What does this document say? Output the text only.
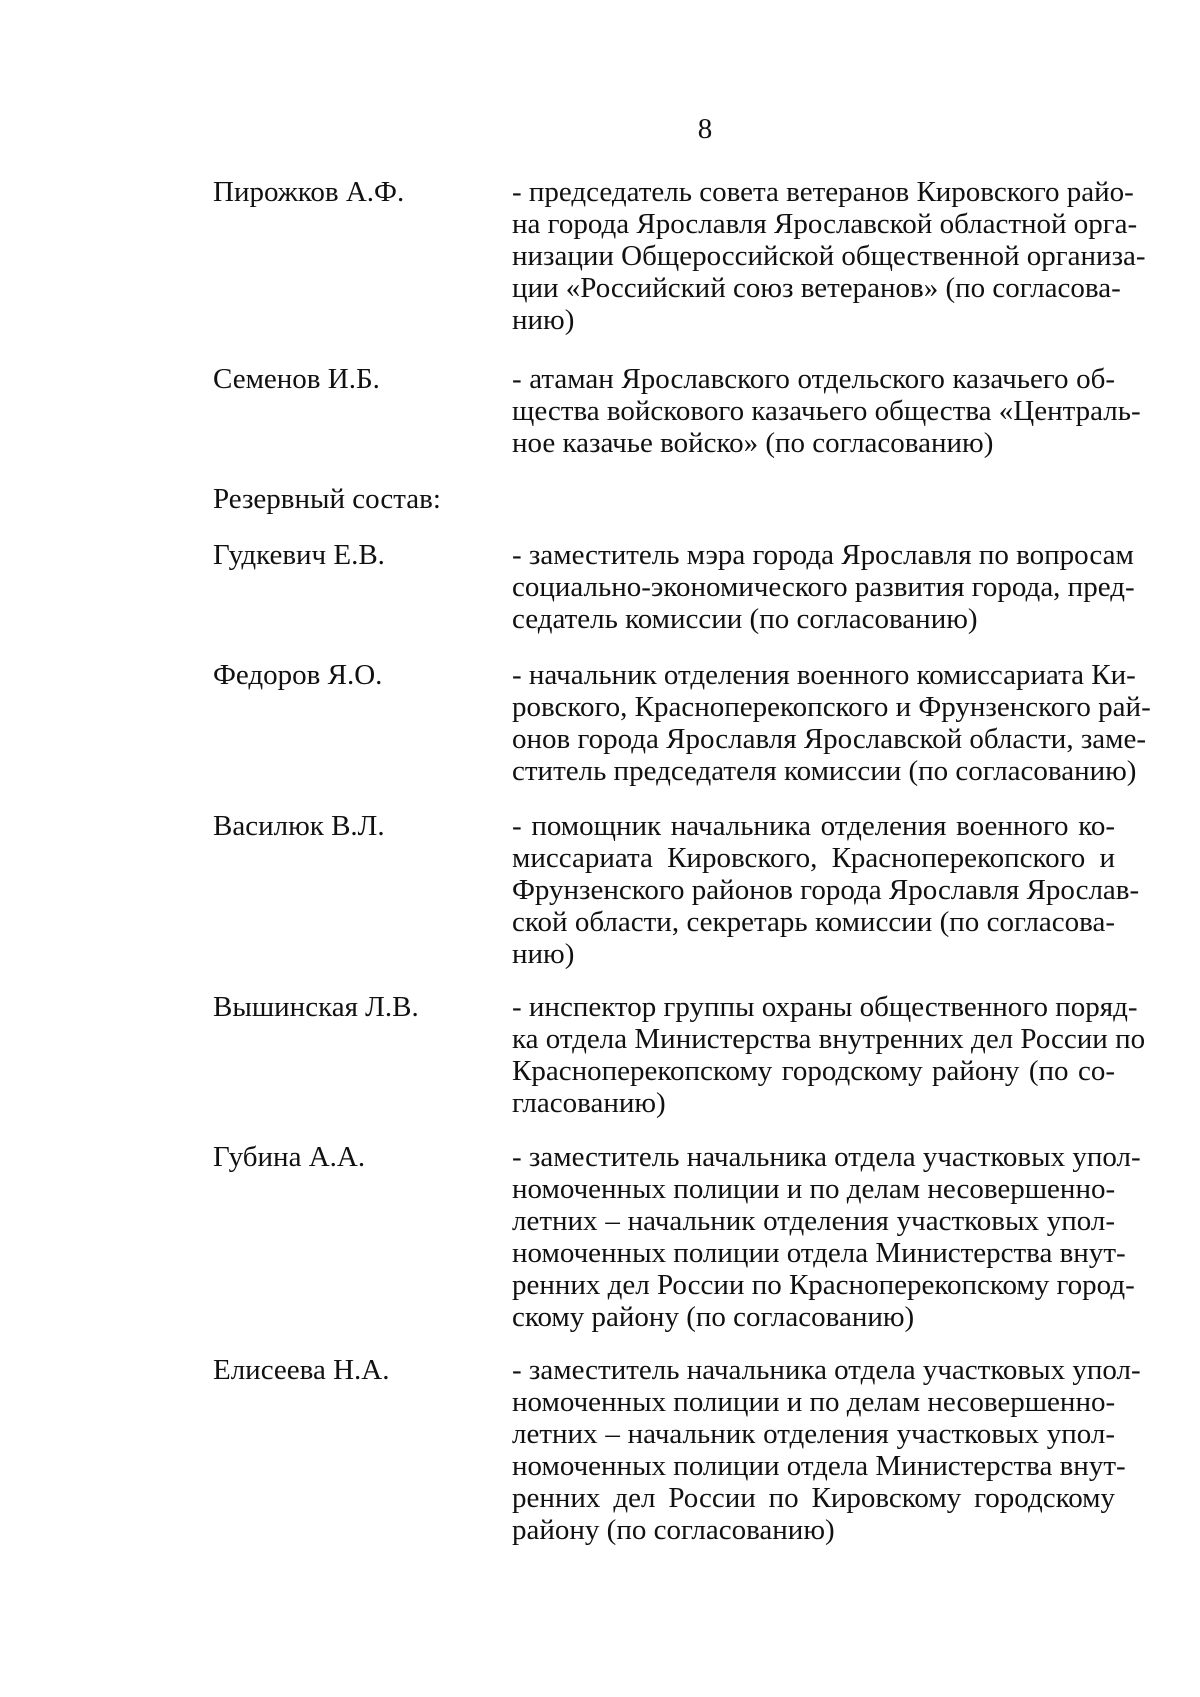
8
Пирожков А.Ф.	- председатель совета ветеранов Кировского райо-
на города Ярославля Ярославской областной орга-
низации Общероссийской общественной организа-
ции «Российский союз ветеранов» (по согласова-
нию)
Семенов И.Б.	- атаман Ярославского отдельского казачьего об-
щества войскового казачьего общества «Централь-
ное казачье войско» (по согласованию)
Резервный состав:
Гудкевич Е.В.	- заместитель мэра города Ярославля по вопросам
социально-экономического развития города, пред-
седатель комиссии (по согласованию)
Федоров Я.О.	- начальник отделения военного комиссариата Ки-
ровского, Красноперекопского и Фрунзенского рай-
онов города Ярославля Ярославской области, заме-
ститель председателя комиссии (по согласованию)
Василюк В.Л.	- помощник начальника отделения военного ко-
миссариата Кировского, Красноперекопского и
Фрунзенского районов города Ярославля Ярослав-
ской области, секретарь комиссии (по согласова-
нию)
Вышинская Л.В.	- инспектор группы охраны общественного поряд-
ка отдела Министерства внутренних дел России по
Красноперекопскому городскому району (по со-
гласованию)
Губина А.А.	- заместитель начальника отдела участковых упол-
номоченных полиции и по делам несовершенно-
летних – начальник отделения участковых упол-
номоченных полиции отдела Министерства внут-
ренних дел России по Красноперекопскому город-
скому району (по согласованию)
Елисеева Н.А.	- заместитель начальника отдела участковых упол-
номоченных полиции и по делам несовершенно-
летних – начальник отделения участковых упол-
номоченных полиции отдела Министерства внут-
ренних дел России по Кировскому городскому
району (по согласованию)
